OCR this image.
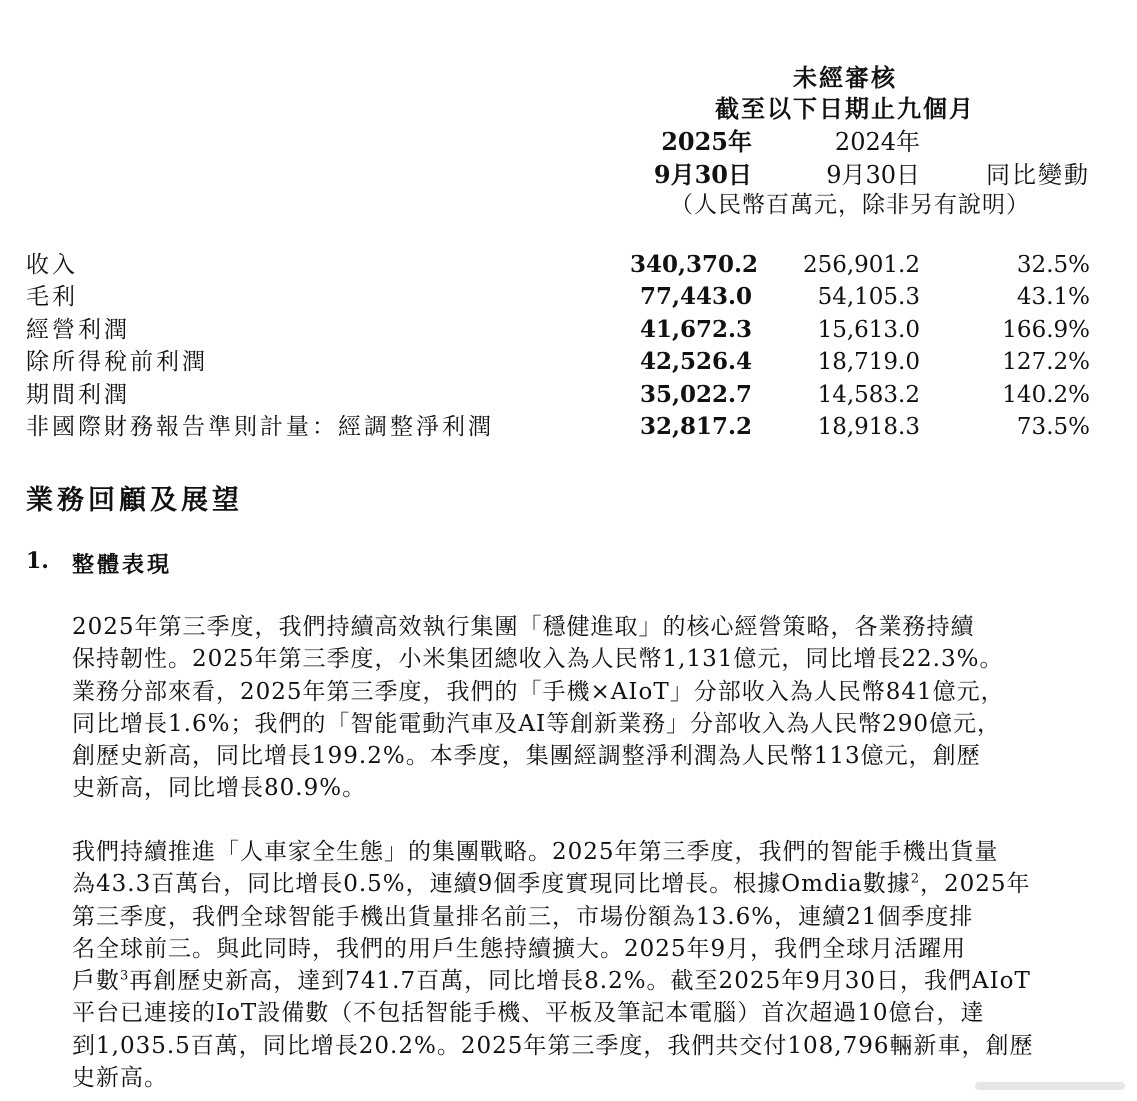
未經審核
截至以下日期止九個月
2025年
9月30日
2024年
9月30日	同比變動
（人民幣百萬元，除非另有說明）
收入	340,370.2	256,901.2	32.5%
毛利	77,443.0	54,105.3	43.1%
經營利潤	41,672.3	15,613.0	166.9%
除所得稅前利潤	42,526.4	18,719.0	127.2%
期間利潤	35,022.7	14,583.2	140.2%
非國際財務報告準則計量：經調整淨利潤	32,817.2	18,918.3	73.5%
業務回顧及展望
1. 整體表現
2025年第三季度，我們持續高效執行集團「穩健進取」的核心經營策略，各業務持續
保持韌性。2025年第三季度，小米集团總收入為人民幣1,131億元，同比增長22.3%。
業務分部來看，2025年第三季度，我們的「手機×AIoT」分部收入為人民幣841億元，
同比增長1.6%；我們的「智能電動汽車及AI等創新業務」分部收入為人民幣290億元，
創歷史新高，同比增長199.2%。本季度，集團經調整淨利潤為人民幣113億元，創歷
史新高，同比增長80.9%。
我們持續推進「人車家全生態」的集團戰略。2025年第三季度，我們的智能手機出貨量
為43.3百萬台，同比增長0.5%，連續9個季度實現同比增長。根據Omdia數據$^2$，2025年
第三季度，我們全球智能手機出貨量排名前三，市場份額為13.6%，連續21個季度排
名全球前三。與此同時，我們的用戶生態持續擴大。2025年9月，我們全球月活躍用
戶數$^3$再創歷史新高，達到741.7百萬，同比增長8.2%。截至2025年9月30日，我們AIoT
平台已連接的IoT設備數（不包括智能手機、平板及筆記本電腦）首次超過10億台，達
到1,035.5百萬，同比增長20.2%。2025年第三季度，我們共交付108,796輛新車，創歷
史新高。
